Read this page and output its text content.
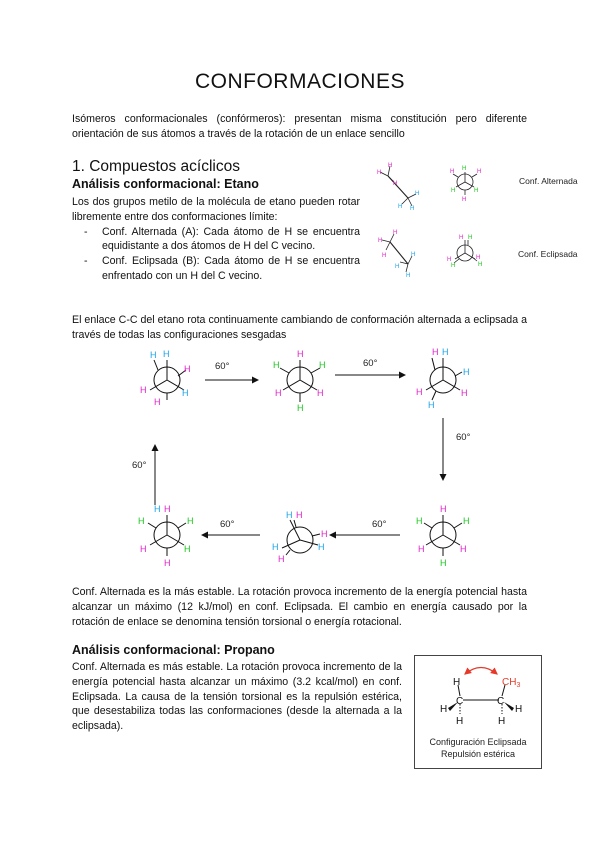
CONFORMACIONES
Isómeros conformacionales (confórmeros): presentan misma constitución pero diferente orientación de sus átomos a través de la rotación de un enlace sencillo
1. Compuestos acíclicos
Análisis conformacional: Etano
Los dos grupos metilo de la molécula de etano pueden rotar libremente entre dos conformaciones límite:
- Conf. Alternada (A): Cada átomo de H se encuentra equidistante a dos átomos de H del C vecino.
- Conf. Eclipsada (B): Cada átomo de H se encuentra enfrentado con un H del C vecino.
H
H
H
H
H
H
H
H	H
H	H
H
H
H
H
H
H
H
H H
H
H
H
H
Conf. Alternada
Conf. Eclipsada
El enlace C-C del etano rota continuamente cambiando de conformación alternada a eclipsada a través de todas las configuraciones sesgadas
60°	60°
60°
60°
60°
60°
H H
H
H
H
H
H
H	H
H	H
H
H H
H
H
H
H
H
H	H
H	H
H
H H
H
H
H
H
H H
H	H
H	H
H
Conf. Alternada es la más estable. La rotación provoca incremento de la energía potencial hasta alcanzar un máximo (12 kJ/mol) en conf. Eclipsada. El cambio en energía causado por la rotación de enlace se denomina tensión torsional o energía rotacional.
Análisis conformacional: Propano
Conf. Alternada es más estable. La rotación provoca incremento de la energía potencial hasta alcanzar un máximo (3.2 kcal/mol) en conf. Eclipsada. La causa de la tensión torsional es la repulsión estérica, que desestabiliza todas las conformaciones (desde la alternada a la eclipsada).
H
C	C
H
H
H
H
$CH_3$
Configuración Eclipsada
Repulsión estérica
